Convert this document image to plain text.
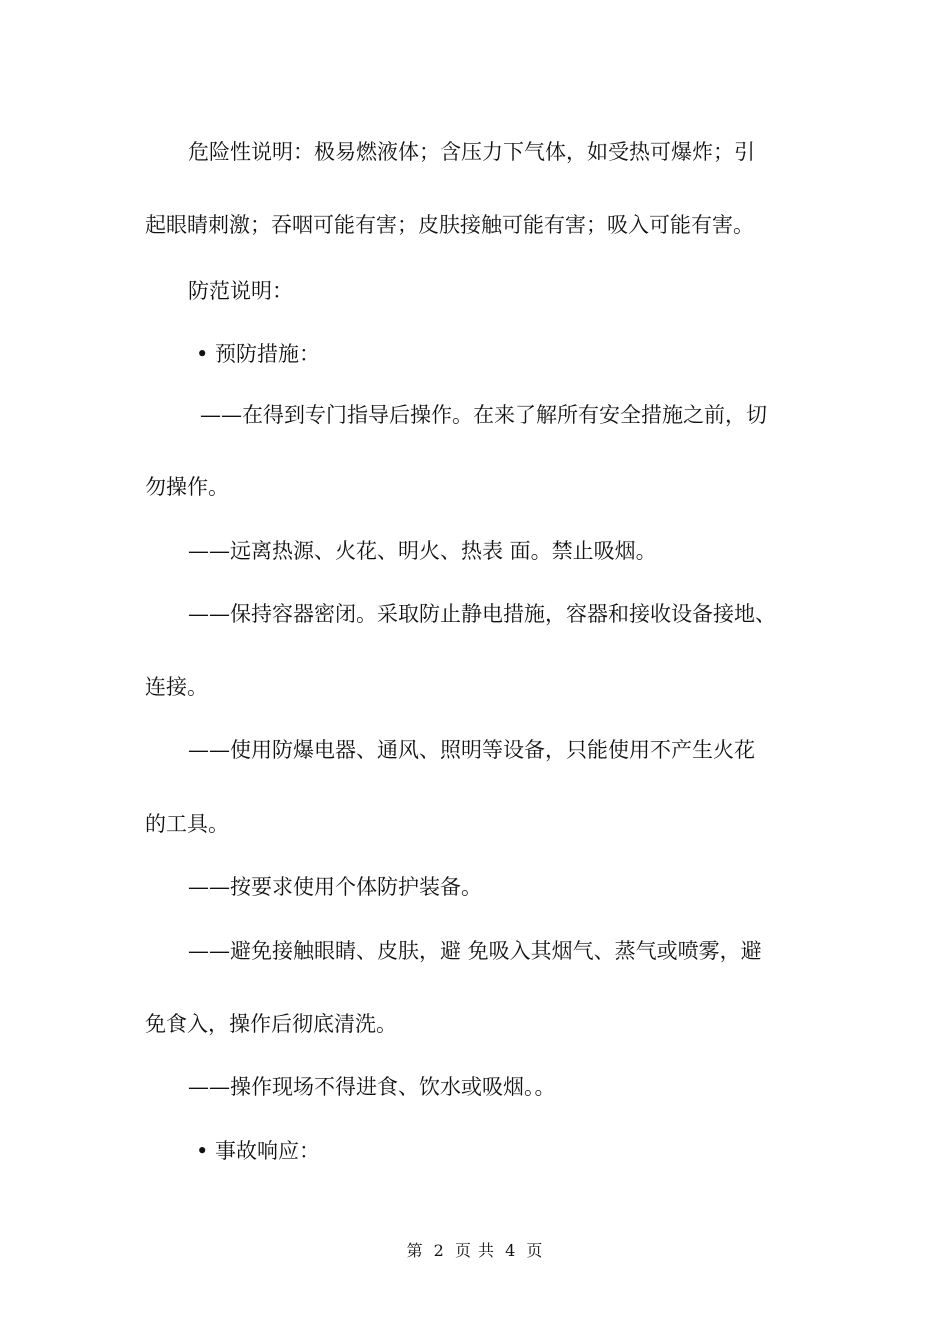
危险性说明：极易燃液体；含压力下气体，如受热可爆炸；引
起眼睛刺激；吞咽可能有害；皮肤接触可能有害；吸入可能有害。
防范说明：
• 预防措施：
——在得到专门指导后操作。在来了解所有安全措施之前，切
勿操作。
——远离热源、火花、明火、热表 面。禁止吸烟。
——保持容器密闭。采取防止静电措施，容器和接收设备接地、
连接。
——使用防爆电器、通风、照明等设备，只能使用不产生火花
的工具。
——按要求使用个体防护装备。
——避免接触眼睛、皮肤，避 免吸入其烟气、蒸气或喷雾，避
免食入，操作后彻底清洗。
——操作现场不得进食、饮水或吸烟。。
• 事故响应：
第 2 页 共 4 页
